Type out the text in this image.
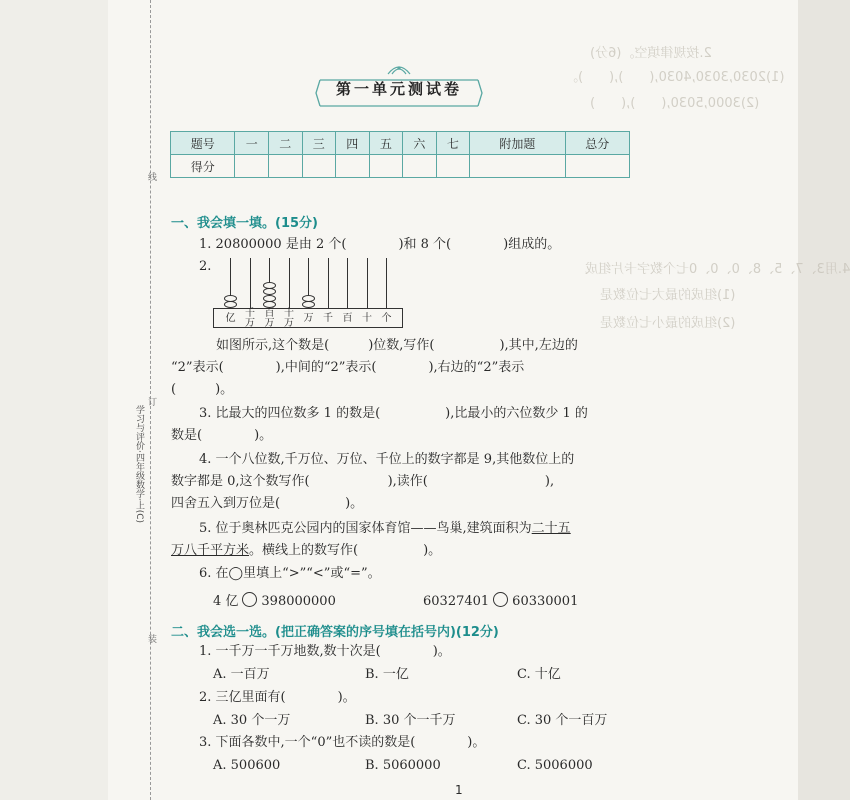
学习与评价·四年级数学·上(C)
线
订
装
2.按规律填空。(6分)
(1)2030,3030,4030,(　　),(　　)。
(2)3000,5030,(　　),(　　)
4.用3、7、5、8、0、0、0七个数字卡片组成
(1)组成的最大七位数是
(2)组成的最小七位数是
第一单元测试卷
题号	一	二	三	四	五	六	七	附加题	总分
得分									
一、我会填一填。(15分)
1. 20800000 是由 2 个(　　　　)和 8 个(　　　　)组成的。
2.
亿 千
万
百
万
十
万 万 千 百 十 个
如图所示,这个数是(　　　)位数,写作(　　　　　),其中,左边的
“2”表示(　　　　),中间的“2”表示(　　　　),右边的“2”表示
(　　　)。
3. 比最大的四位数多 1 的数是(　　　　　),比最小的六位数少 1 的
数是(　　　　)。
4. 一个八位数,千万位、万位、千位上的数字都是 9,其他数位上的
数字都是 0,这个数写作(　　　　　　),读作(　　　　　　　　　),
四舍五入到万位是(　　　　　)。
5. 位于奥林匹克公园内的国家体育馆——鸟巢,建筑面积为二十五
万八千平方米。横线上的数写作(　　　　　)。
6. 在◯里填上“>”“<”或“=”。
4 亿 398000000	60327401 60330001
二、我会选一选。(把正确答案的序号填在括号内)(12分)
1. 一千万一千万地数,数十次是(　　　　)。
A. 一百万	B. 一亿	C. 十亿
2. 三亿里面有(　　　　)。
A. 30 个一万	B. 30 个一千万	C. 30 个一百万
3. 下面各数中,一个“0”也不读的数是(　　　　)。
A. 500600	B. 5060000	C. 5006000
1
